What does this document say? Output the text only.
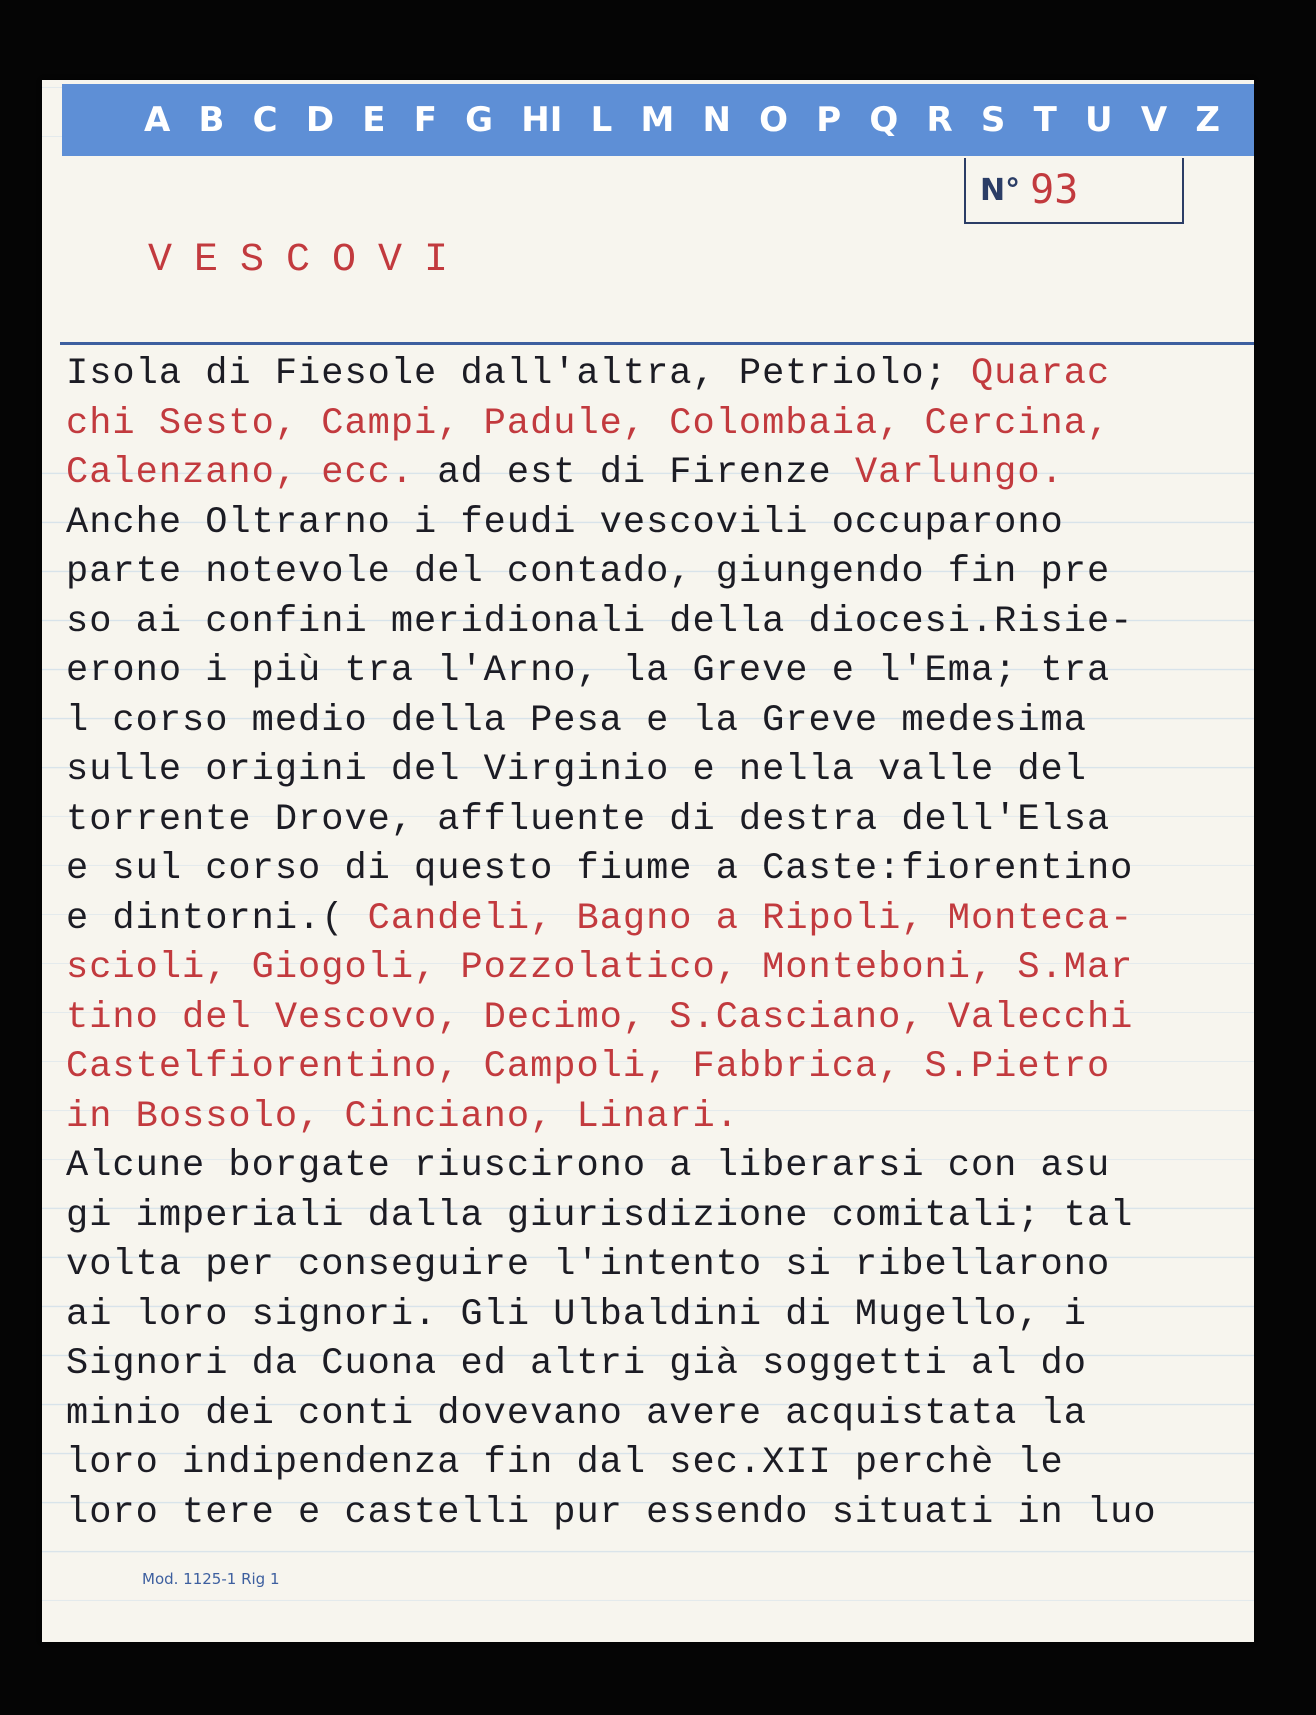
A B C D E F G HI L M N O P Q R S T U V Z
N° 93
VESCOVI
Isola di Fiesole dall'altra, Petriolo; Quarac
chi Sesto, Campi, Padule, Colombaia, Cercina,
Calenzano, ecc. ad est di Firenze Varlungo.
Anche Oltrarno i feudi vescovili occuparono
parte notevole del contado, giungendo fin pre
so ai confini meridionali della diocesi.Risie-
erono i più tra l'Arno, la Greve e l'Ema; tra
l corso medio della Pesa e la Greve medesima
sulle origini del Virginio e nella valle del
torrente Drove, affluente di destra dell'Elsa
e sul corso di questo fiume a Caste:fiorentino
e dintorni.( Candeli, Bagno a Ripoli, Monteca-
scioli, Giogoli, Pozzolatico, Monteboni, S.Mar
tino del Vescovo, Decimo, S.Casciano, Valecchi
Castelfiorentino, Campoli, Fabbrica, S.Pietro
in Bossolo, Cinciano, Linari.
Alcune borgate riuscirono a liberarsi con asu
gi imperiali dalla giurisdizione comitali; tal
volta per conseguire l'intento si ribellarono
ai loro signori. Gli Ulbaldini di Mugello, i
Signori da Cuona ed altri già soggetti al do
minio dei conti dovevano avere acquistata la
loro indipendenza fin dal sec.XII perchè le
loro tere e castelli pur essendo situati in luo
Mod. 1125-1 Rig 1
